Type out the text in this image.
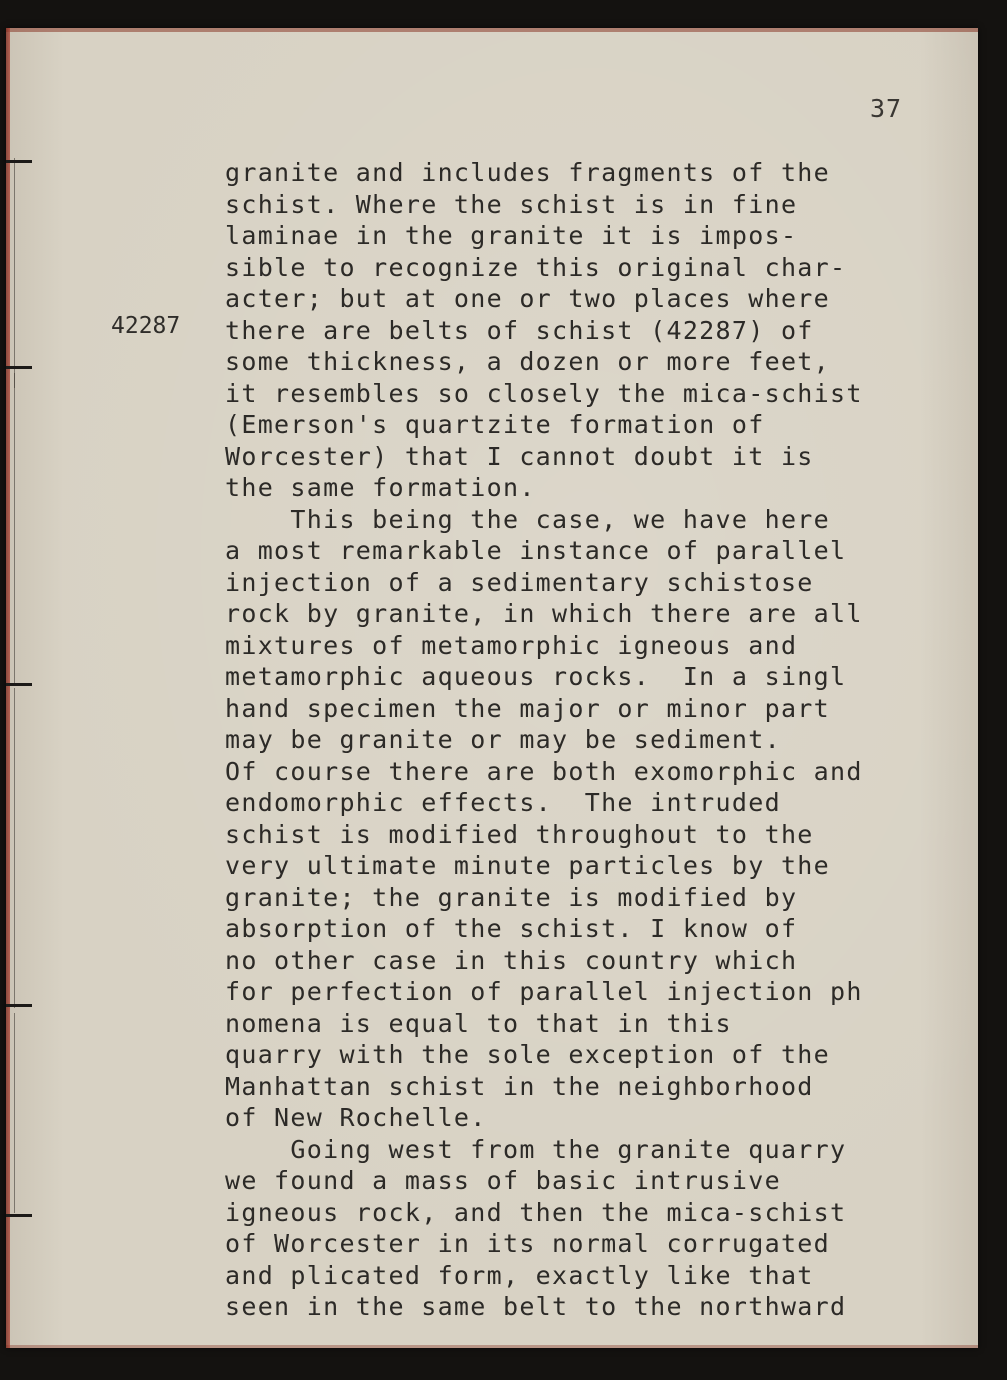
37
42287
granite and includes fragments of the
schist. Where the schist is in fine
laminae in the granite it is impos-
sible to recognize this original char-
acter; but at one or two places where
there are belts of schist (42287) of
some thickness, a dozen or more feet,
it resembles so closely the mica-schist
(Emerson's quartzite formation of
Worcester) that I cannot doubt it is
the same formation.
This being the case, we have here
a most remarkable instance of parallel
injection of a sedimentary schistose
rock by granite, in which there are all
mixtures of metamorphic igneous and
metamorphic aqueous rocks.  In a singl
hand specimen the major or minor part
may be granite or may be sediment.
Of course there are both exomorphic and
endomorphic effects.  The intruded
schist is modified throughout to the
very ultimate minute particles by the
granite; the granite is modified by
absorption of the schist. I know of
no other case in this country which
for perfection of parallel injection ph
nomena is equal to that in this
quarry with the sole exception of the
Manhattan schist in the neighborhood
of New Rochelle.
Going west from the granite quarry
we found a mass of basic intrusive
igneous rock, and then the mica-schist
of Worcester in its normal corrugated
and plicated form, exactly like that
seen in the same belt to the northward
